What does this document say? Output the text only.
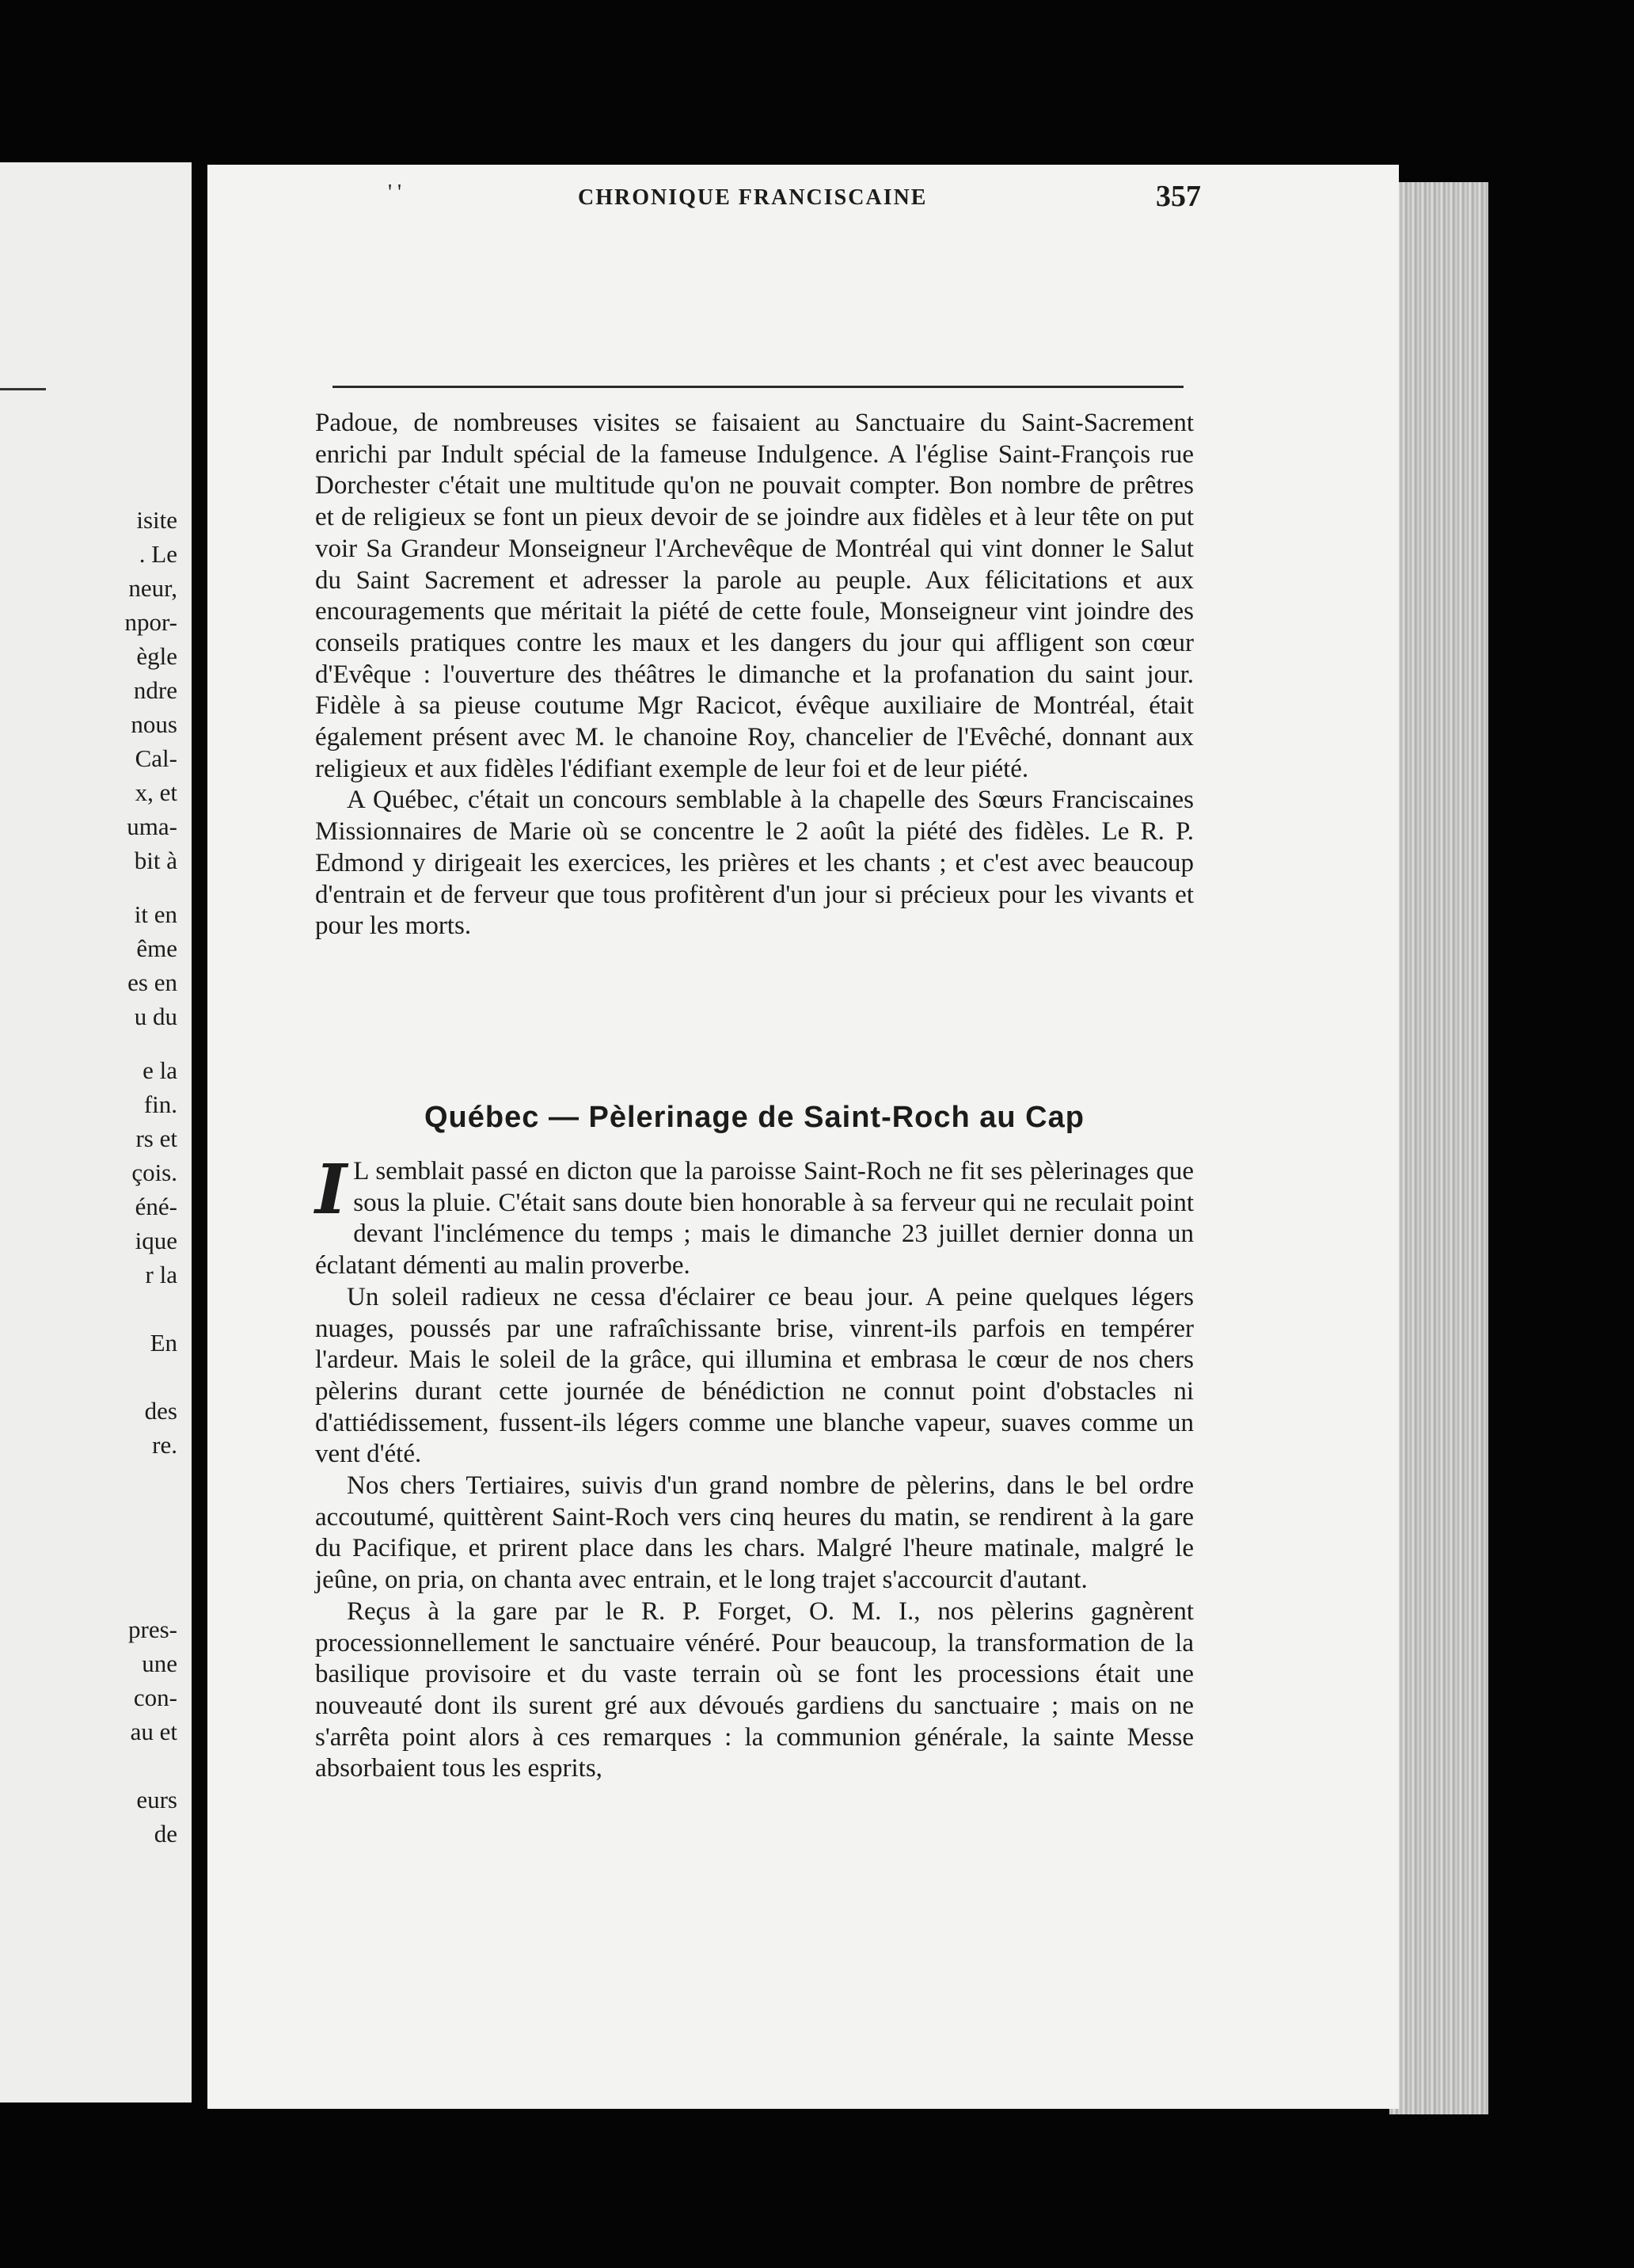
isite
. Le
neur,
npor-
ègle
ndre
nous
Cal-
x, et
uma-
bit à
it en
ême
es en
u du
e la
fin.
rs et
çois.
éné-
ique
r la
En
des
re.
pres-
une
con-
au et
eurs
de
' '	CHRONIQUE FRANCISCAINE	357

Padoue, de nombreuses visites se faisaient au Sanctuaire du Saint-Sacrement enrichi par Indult spécial de la fameuse Indulgence. A l'église Saint-François rue Dorchester c'était une multitude qu'on ne pouvait compter. Bon nombre de prêtres et de religieux se font un pieux devoir de se joindre aux fidèles et à leur tête on put voir Sa Grandeur Monseigneur l'Archevêque de Montréal qui vint donner le Salut du Saint Sacrement et adresser la parole au peuple. Aux félicitations et aux encouragements que méritait la piété de cette foule, Monseigneur vint joindre des conseils pratiques contre les maux et les dangers du jour qui affligent son cœur d'Evêque : l'ouverture des théâtres le dimanche et la profanation du saint jour. Fidèle à sa pieuse coutume Mgr Racicot, évêque auxiliaire de Montréal, était également présent avec M. le chanoine Roy, chancelier de l'Evêché, donnant aux religieux et aux fidèles l'édifiant exemple de leur foi et de leur piété.

A Québec, c'était un concours semblable à la chapelle des Sœurs Franciscaines Missionnaires de Marie où se concentre le 2 août la piété des fidèles. Le R. P. Edmond y dirigeait les exercices, les prières et les chants ; et c'est avec beaucoup d'entrain et de ferveur que tous profitèrent d'un jour si précieux pour les vivants et pour les morts.

Québec — Pèlerinage de Saint-Roch au Cap

I L semblait passé en dicton que la paroisse Saint-Roch ne fit ses pèlerinages que sous la pluie. C'était sans doute bien honorable à sa ferveur qui ne reculait point devant l'inclémence du temps ; mais le dimanche 23 juillet dernier donna un éclatant démenti au malin proverbe.

Un soleil radieux ne cessa d'éclairer ce beau jour. A peine quelques légers nuages, poussés par une rafraîchissante brise, vinrent-ils parfois en tempérer l'ardeur. Mais le soleil de la grâce, qui illumina et embrasa le cœur de nos chers pèlerins durant cette journée de bénédiction ne connut point d'obstacles ni d'attiédissement, fussent-ils légers comme une blanche vapeur, suaves comme un vent d'été.

Nos chers Tertiaires, suivis d'un grand nombre de pèlerins, dans le bel ordre accoutumé, quittèrent Saint-Roch vers cinq heures du matin, se rendirent à la gare du Pacifique, et prirent place dans les chars. Malgré l'heure matinale, malgré le jeûne, on pria, on chanta avec entrain, et le long trajet s'accourcit d'autant.

Reçus à la gare par le R. P. Forget, O. M. I., nos pèlerins gagnèrent processionnellement le sanctuaire vénéré. Pour beaucoup, la transformation de la basilique provisoire et du vaste terrain où se font les processions était une nouveauté dont ils surent gré aux dévoués gardiens du sanctuaire ; mais on ne s'arrêta point alors à ces remarques : la communion générale, la sainte Messe absorbaient tous les esprits,
